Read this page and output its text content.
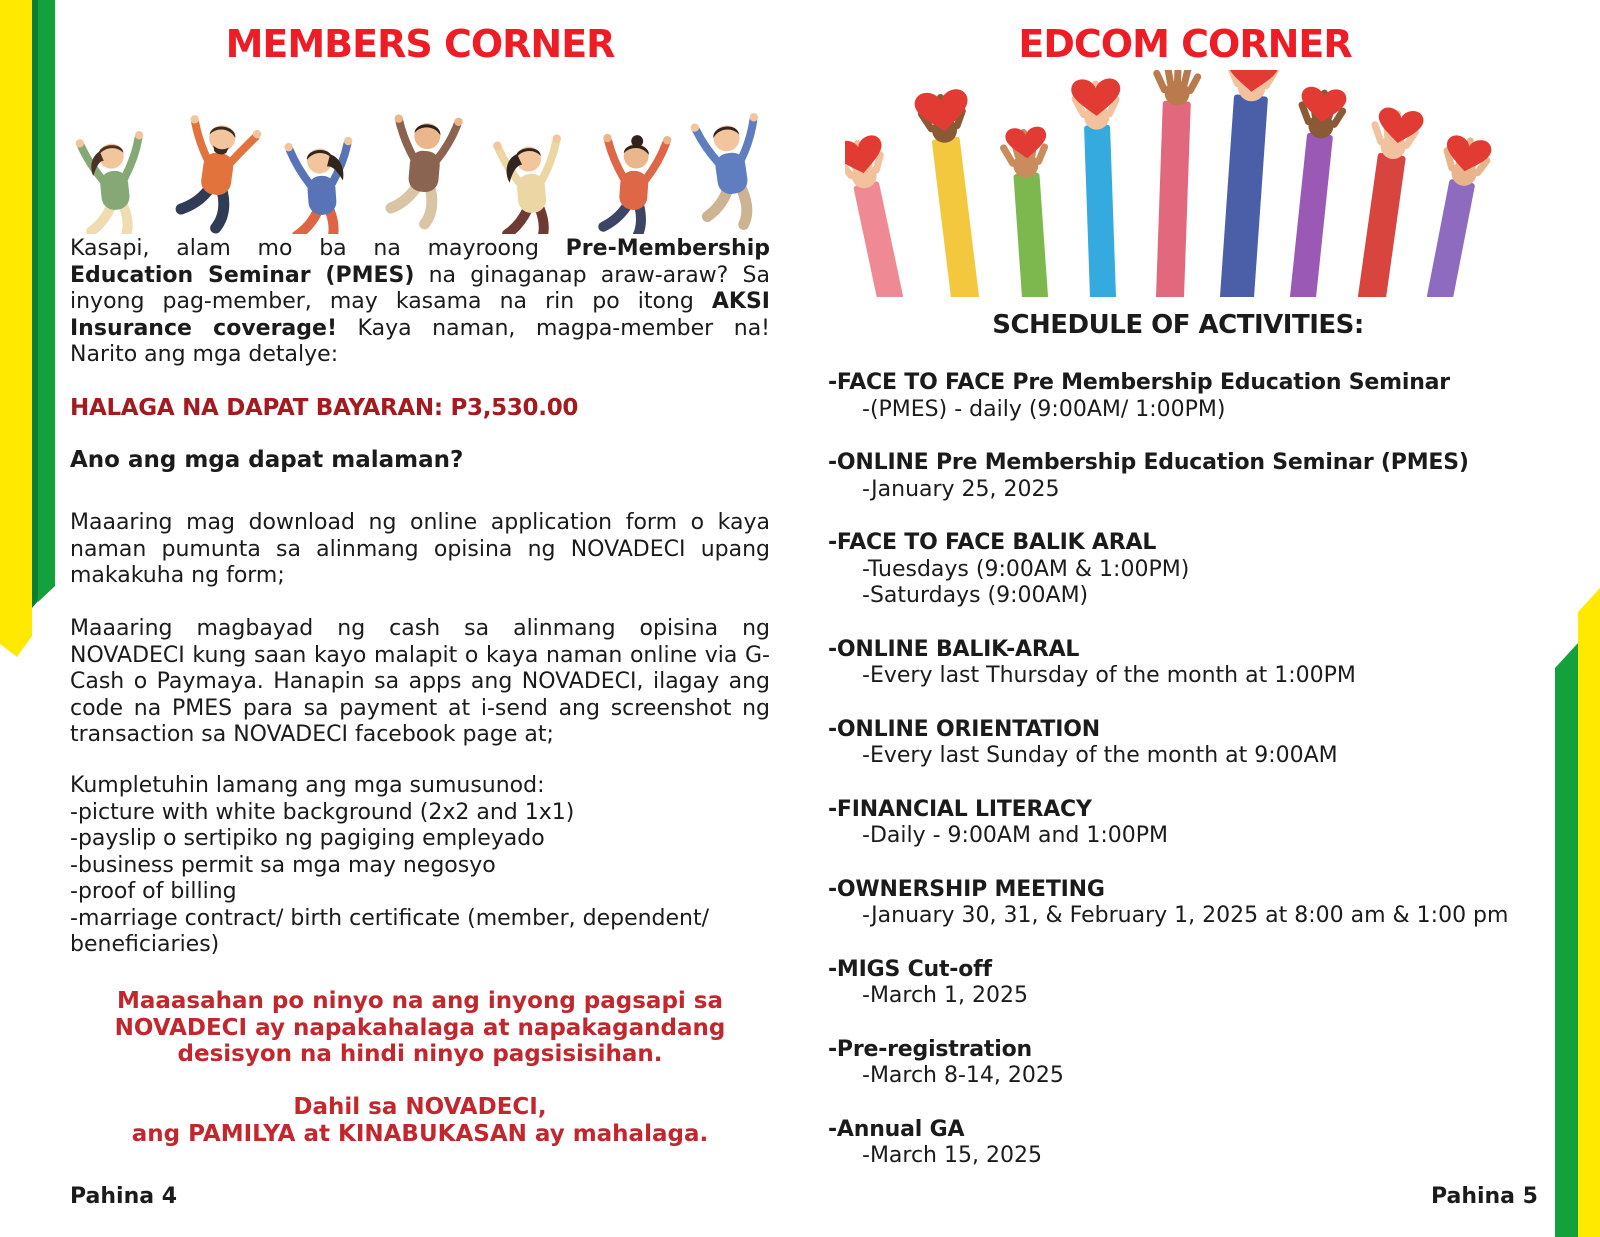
MEMBERS CORNER

Kasapi, alam mo ba na mayroong Pre-Membership Education Seminar (PMES) na ginaganap araw-araw? Sa inyong pag-member, may kasama na rin po itong AKSI Insurance coverage! Kaya naman, magpa-member na! Narito ang mga detalye:

HALAGA NA DAPAT BAYARAN: P3,530.00
Ano ang mga dapat malaman?

Maaaring mag download ng online application form o kaya naman pumunta sa alinmang opisina ng NOVADECI upang makakuha ng form;

Maaaring magbayad ng cash sa alinmang opisina ng NOVADECI kung saan kayo malapit o kaya naman online via G-Cash o Paymaya. Hanapin sa apps ang NOVADECI, ilagay ang code na PMES para sa payment at i-send ang screenshot ng transaction sa NOVADECI facebook page at;

Kumpletuhin lamang ang mga sumusunod:
-picture with white background (2x2 and 1x1)
-payslip o sertipiko ng pagiging empleyado
-business permit sa mga may negosyo
-proof of billing
-marriage contract/ birth certificate (member, dependent/ beneficiaries)
Maaasahan po ninyo na ang inyong pagsapi sa NOVADECI ay napakahalaga at napakagandang desisyon na hindi ninyo pagsisisihan.
Dahil sa NOVADECI,
ang PAMILYA at KINABUKASAN ay mahalaga.
Pahina 4
EDCOM CORNER
SCHEDULE OF ACTIVITIES:
-FACE TO FACE Pre Membership Education Seminar
-(PMES) - daily (9:00AM/ 1:00PM)
-ONLINE Pre Membership Education Seminar (PMES)
-January 25, 2025
-FACE TO FACE BALIK ARAL
-Tuesdays (9:00AM & 1:00PM)
-Saturdays (9:00AM)
-ONLINE BALIK-ARAL
-Every last Thursday of the month at 1:00PM
-ONLINE ORIENTATION
-Every last Sunday of the month at 9:00AM
-FINANCIAL LITERACY
-Daily - 9:00AM and 1:00PM
-OWNERSHIP MEETING
-January 30, 31, & February 1, 2025 at 8:00 am & 1:00 pm
-MIGS Cut-off
-March 1, 2025
-Pre-registration
-March 8-14, 2025
-Annual GA
-March 15, 2025
Pahina 5
